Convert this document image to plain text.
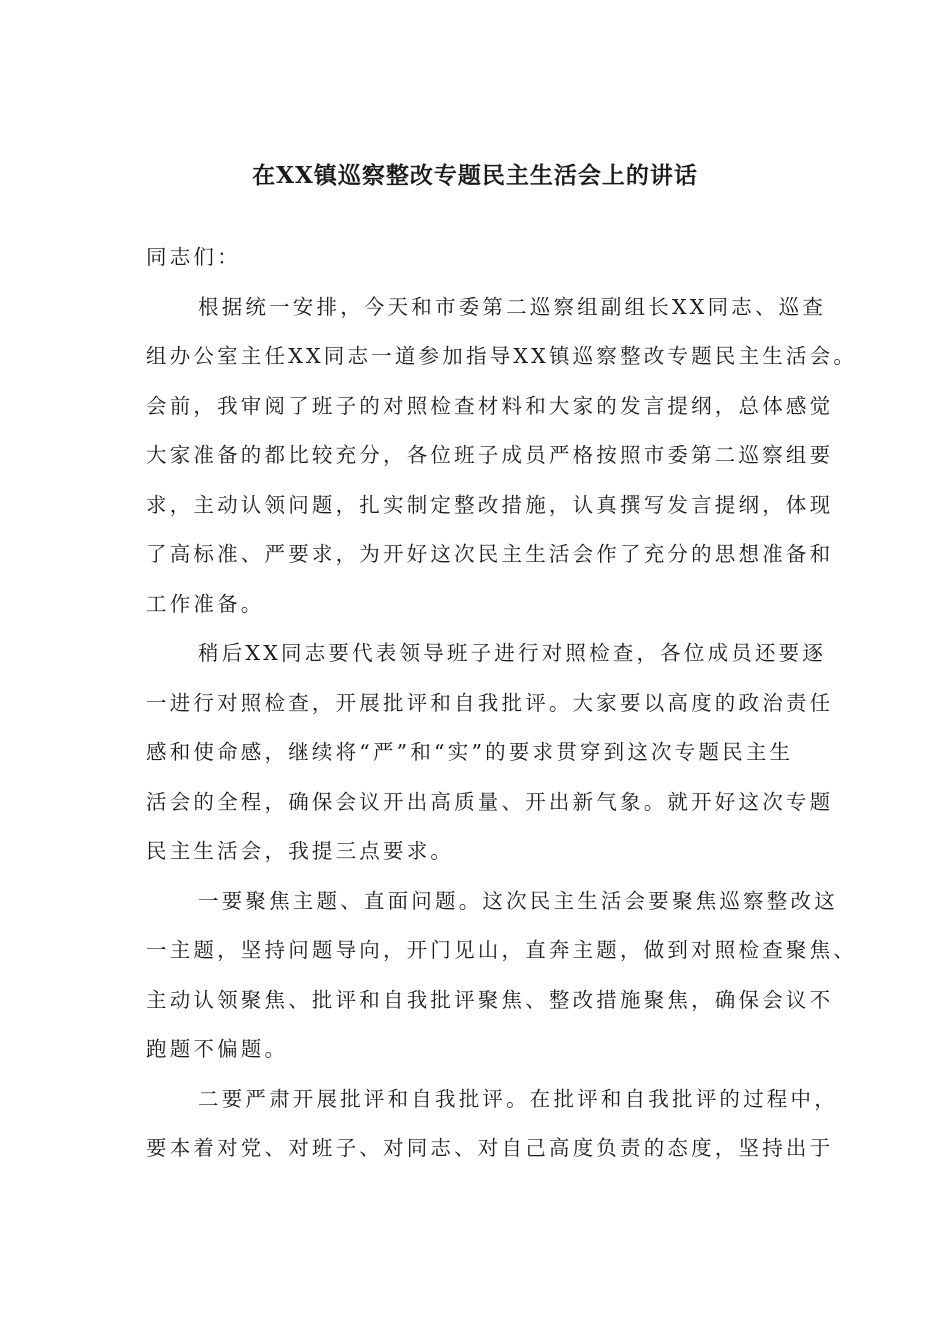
在XX镇巡察整改专题民主生活会上的讲话
同志们：
根据统一安排，今天和市委第二巡察组副组长XX同志、巡查
组办公室主任XX同志一道参加指导XX镇巡察整改专题民主生活会。
会前，我审阅了班子的对照检查材料和大家的发言提纲，总体感觉
大家准备的都比较充分，各位班子成员严格按照市委第二巡察组要
求，主动认领问题，扎实制定整改措施，认真撰写发言提纲，体现
了高标准、严要求，为开好这次民主生活会作了充分的思想准备和
工作准备。
稍后XX同志要代表领导班子进行对照检查，各位成员还要逐
一进行对照检查，开展批评和自我批评。大家要以高度的政治责任
感和使命感，继续将“严”和“实”的要求贯穿到这次专题民主生
活会的全程，确保会议开出高质量、开出新气象。就开好这次专题
民主生活会，我提三点要求。
一要聚焦主题、直面问题。这次民主生活会要聚焦巡察整改这
一主题，坚持问题导向，开门见山，直奔主题，做到对照检查聚焦、
主动认领聚焦、批评和自我批评聚焦、整改措施聚焦，确保会议不
跑题不偏题。
二要严肃开展批评和自我批评。在批评和自我批评的过程中，
要本着对党、对班子、对同志、对自己高度负责的态度，坚持出于
